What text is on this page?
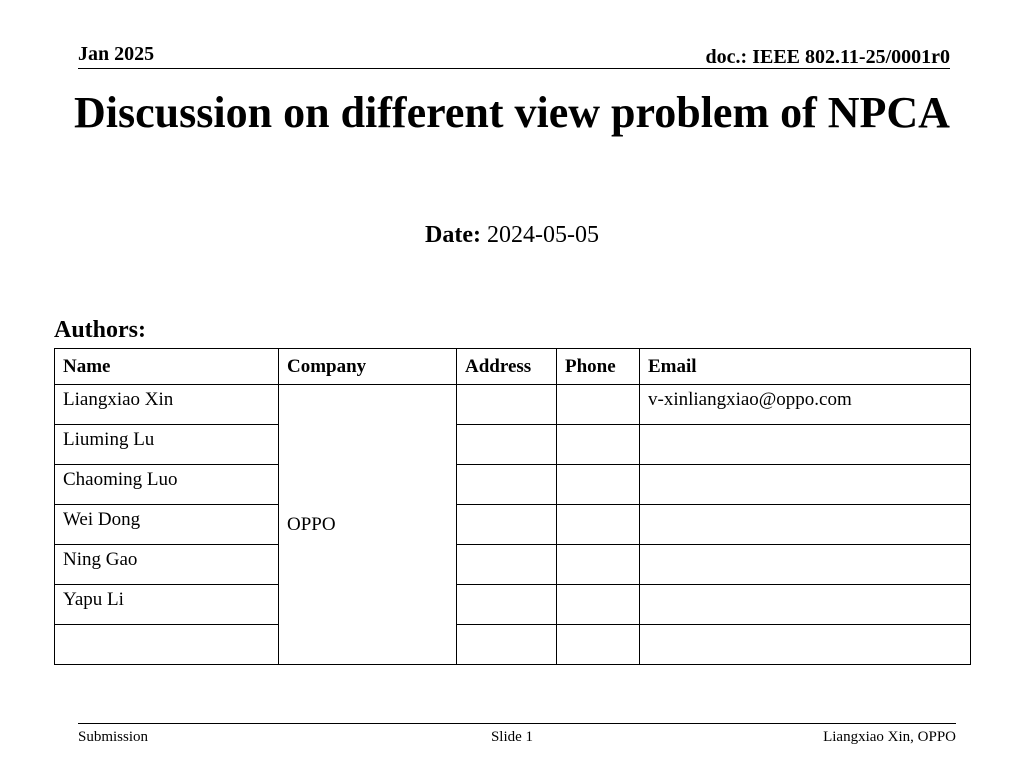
Jan 2025	doc.: IEEE 802.11-25/0001r0
Discussion on different view problem of NPCA
Date: 2024-05-05
Authors:
Name	Company	Address	Phone	Email
Liangxiao Xin	OPPO			v-xinliangxiao@oppo.com
Liuming Lu				
Chaoming Luo				
Wei Dong				
Ning Gao				
Yapu Li				

Submission	Slide 1	Liangxiao Xin, OPPO
